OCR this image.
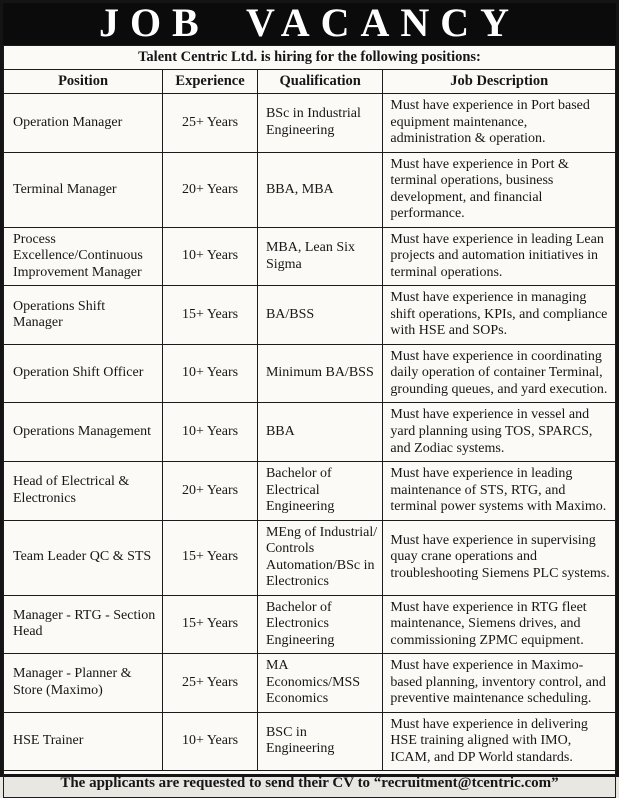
JOB VACANCY
Talent Centric Ltd. is hiring for the following positions:			
Position	Experience	Qualification	Job Description
Operation Manager	25+ Years	BSc in Industrial Engineering	Must have experience in Port based equipment maintenance, administration & operation.
Terminal Manager	20+ Years	BBA, MBA	Must have experience in Port & terminal operations, business development, and financial performance.
Process Excellence/Continuous Improvement Manager	10+ Years	MBA, Lean Six Sigma	Must have experience in leading Lean projects and automation initiatives in terminal operations.
Operations Shift Manager	15+ Years	BA/BSS	Must have experience in managing shift operations, KPIs, and compliance with HSE and SOPs.
Operation Shift Officer	10+ Years	Minimum BA/BSS	Must have experience in coordinating daily operation of container Terminal, grounding queues, and yard execution.
Operations Management	10+ Years	BBA	Must have experience in vessel and yard planning using TOS, SPARCS, and Zodiac systems.
Head of Electrical & Electronics	20+ Years	Bachelor of Electrical Engineering	Must have experience in leading maintenance of STS, RTG, and terminal power systems with Maximo.
Team Leader QC & STS	15+ Years	MEng of Industrial/ Controls Automation/BSc in Electronics	Must have experience in supervising quay crane operations and troubleshooting Siemens PLC systems.
Manager - RTG - Section Head	15+ Years	Bachelor of Electronics Engineering	Must have experience in RTG fleet maintenance, Siemens drives, and commissioning ZPMC equipment.
Manager - Planner & Store (Maximo)	25+ Years	MA Economics/MSS Economics	Must have experience in Maximo-based planning, inventory control, and preventive maintenance scheduling.
HSE Trainer	10+ Years	BSC in Engineering	Must have experience in delivering HSE training aligned with IMO, ICAM, and DP World standards.
The applicants are requested to send their CV to “recruitment@tcentric.com”			
